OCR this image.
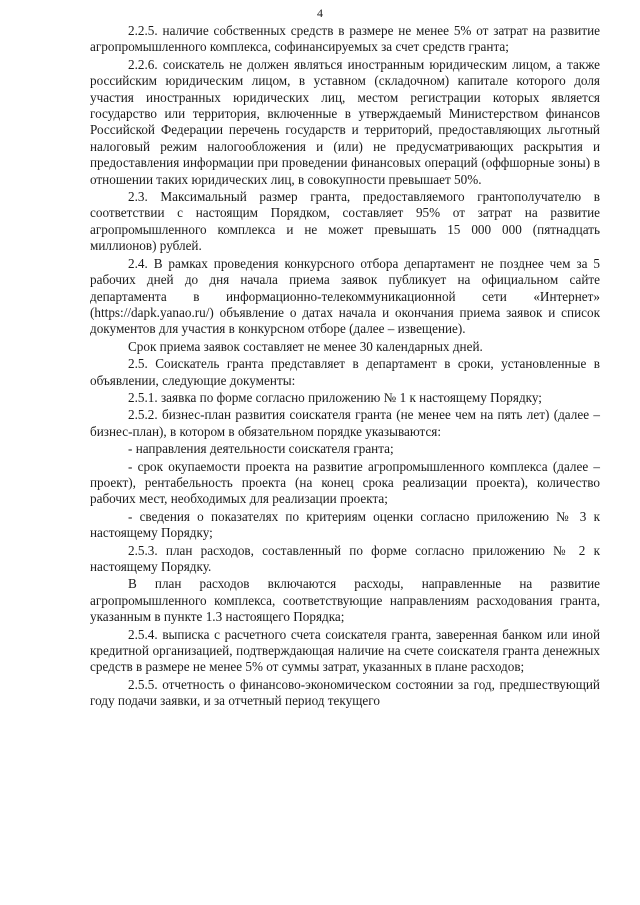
4

2.2.5. наличие собственных средств в размере не менее 5% от затрат на развитие агропромышленного комплекса, софинансируемых за счет средств гранта;

2.2.6. соискатель не должен являться иностранным юридическим лицом, а также российским юридическим лицом, в уставном (складочном) капитале которого доля участия иностранных юридических лиц, местом регистрации которых является государство или территория, включенные в утверждаемый Министерством финансов Российской Федерации перечень государств и территорий, предоставляющих льготный налоговый режим налогообложения и (или) не предусматривающих раскрытия и предоставления информации при проведении финансовых операций (оффшорные зоны) в отношении таких юридических лиц, в совокупности превышает 50%.

2.3. Максимальный размер гранта, предоставляемого грантополучателю в соответствии с настоящим Порядком, составляет 95% от затрат на развитие агропромышленного комплекса и не может превышать 15 000 000 (пятнадцать миллионов) рублей.

2.4. В рамках проведения конкурсного отбора департамент не позднее чем за 5 рабочих дней до дня начала приема заявок публикует на официальном сайте департамента в информационно-телекоммуникационной сети «Интернет» (https://dapk.yanao.ru/) объявление о датах начала и окончания приема заявок и список документов для участия в конкурсном отборе (далее – извещение).

Срок приема заявок составляет не менее 30 календарных дней.

2.5. Соискатель гранта представляет в департамент в сроки, установленные в объявлении, следующие документы:

2.5.1. заявка по форме согласно приложению № 1 к настоящему Порядку;

2.5.2. бизнес-план развития соискателя гранта (не менее чем на пять лет) (далее – бизнес-план), в котором в обязательном порядке указываются:

- направления деятельности соискателя гранта;

- срок окупаемости проекта на развитие агропромышленного комплекса (далее – проект), рентабельность проекта (на конец срока реализации проекта), количество рабочих мест, необходимых для реализации проекта;

- сведения о показателях по критериям оценки согласно приложению № 3 к настоящему Порядку;

2.5.3. план расходов, составленный по форме согласно приложению № 2 к настоящему Порядку.

В план расходов включаются расходы, направленные на развитие агропромышленного комплекса, соответствующие направлениям расходования гранта, указанным в пункте 1.3 настоящего Порядка;

2.5.4. выписка с расчетного счета соискателя гранта, заверенная банком или иной кредитной организацией, подтверждающая наличие на счете соискателя гранта денежных средств в размере не менее 5% от суммы затрат, указанных в плане расходов;

2.5.5. отчетность о финансово-экономическом состоянии за год, предшествующий году подачи заявки, и за отчетный период текущего
